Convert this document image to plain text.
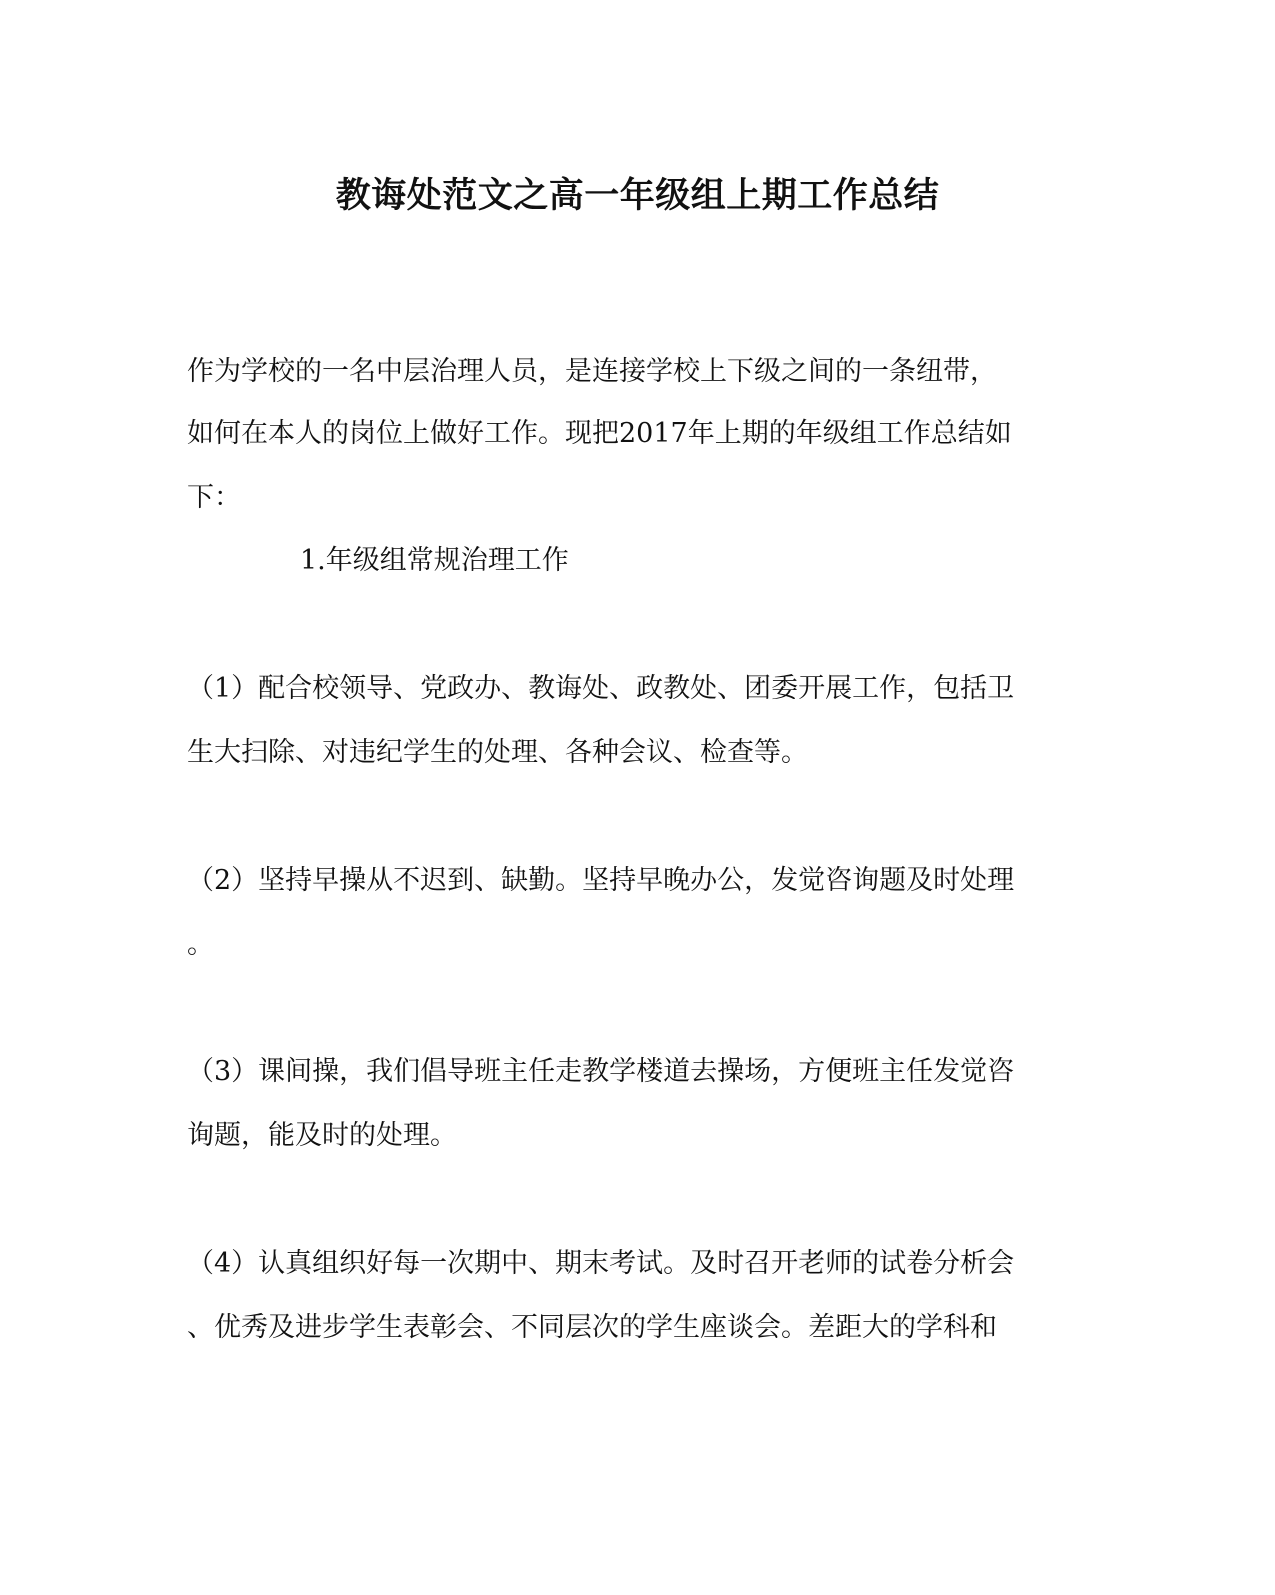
教诲处范文之高一年级组上期工作总结
作为学校的一名中层治理人员，是连接学校上下级之间的一条纽带，
如何在本人的岗位上做好工作。现把2017年上期的年级组工作总结如
下：
1.年级组常规治理工作
（1）配合校领导、党政办、教诲处、政教处、团委开展工作，包括卫
生大扫除、对违纪学生的处理、各种会议、检查等。
（2）坚持早操从不迟到、缺勤。坚持早晚办公，发觉咨询题及时处理
。
（3）课间操，我们倡导班主任走教学楼道去操场，方便班主任发觉咨
询题，能及时的处理。
（4）认真组织好每一次期中、期末考试。及时召开老师的试卷分析会
、优秀及进步学生表彰会、不同层次的学生座谈会。差距大的学科和
